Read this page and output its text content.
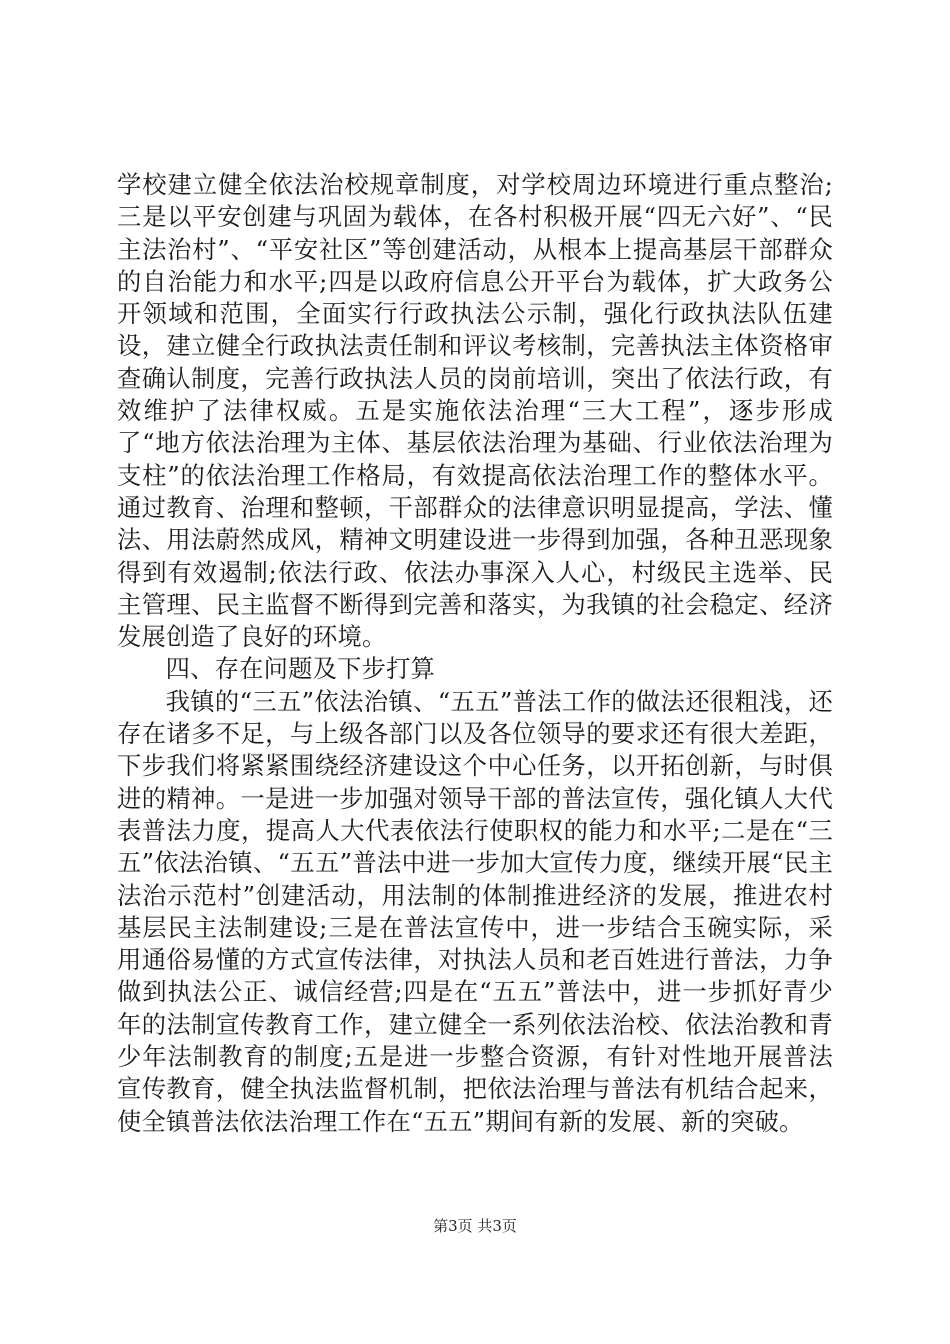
学校建立健全依法治校规章制度，对学校周边环境进行重点整治;三是以平安创建与巩固为载体，在各村积极开展“四无六好”、“民主法治村”、“平安社区”等创建活动，从根本上提高基层干部群众的自治能力和水平;四是以政府信息公开平台为载体，扩大政务公开领域和范围，全面实行行政执法公示制，强化行政执法队伍建设，建立健全行政执法责任制和评议考核制，完善执法主体资格审查确认制度，完善行政执法人员的岗前培训，突出了依法行政，有效维护了法律权威。五是实施依法治理“三大工程”，逐步形成了“地方依法治理为主体、基层依法治理为基础、行业依法治理为支柱”的依法治理工作格局，有效提高依法治理工作的整体水平。通过教育、治理和整顿，干部群众的法律意识明显提高，学法、懂法、用法蔚然成风，精神文明建设进一步得到加强，各种丑恶现象得到有效遏制;依法行政、依法办事深入人心，村级民主选举、民主管理、民主监督不断得到完善和落实，为我镇的社会稳定、经济发展创造了良好的环境。

四、存在问题及下步打算

我镇的“三五”依法治镇、“五五”普法工作的做法还很粗浅，还存在诸多不足，与上级各部门以及各位领导的要求还有很大差距，下步我们将紧紧围绕经济建设这个中心任务，以开拓创新，与时俱进的精神。一是进一步加强对领导干部的普法宣传，强化镇人大代表普法力度，提高人大代表依法行使职权的能力和水平;二是在“三五”依法治镇、“五五”普法中进一步加大宣传力度，继续开展“民主法治示范村”创建活动，用法制的体制推进经济的发展，推进农村基层民主法制建设;三是在普法宣传中，进一步结合玉碗实际，采用通俗易懂的方式宣传法律，对执法人员和老百姓进行普法，力争做到执法公正、诚信经营;四是在“五五”普法中，进一步抓好青少年的法制宣传教育工作，建立健全一系列依法治校、依法治教和青少年法制教育的制度;五是进一步整合资源，有针对性地开展普法宣传教育，健全执法监督机制，把依法治理与普法有机结合起来，使全镇普法依法治理工作在“五五”期间有新的发展、新的突破。

第3页 共3页
